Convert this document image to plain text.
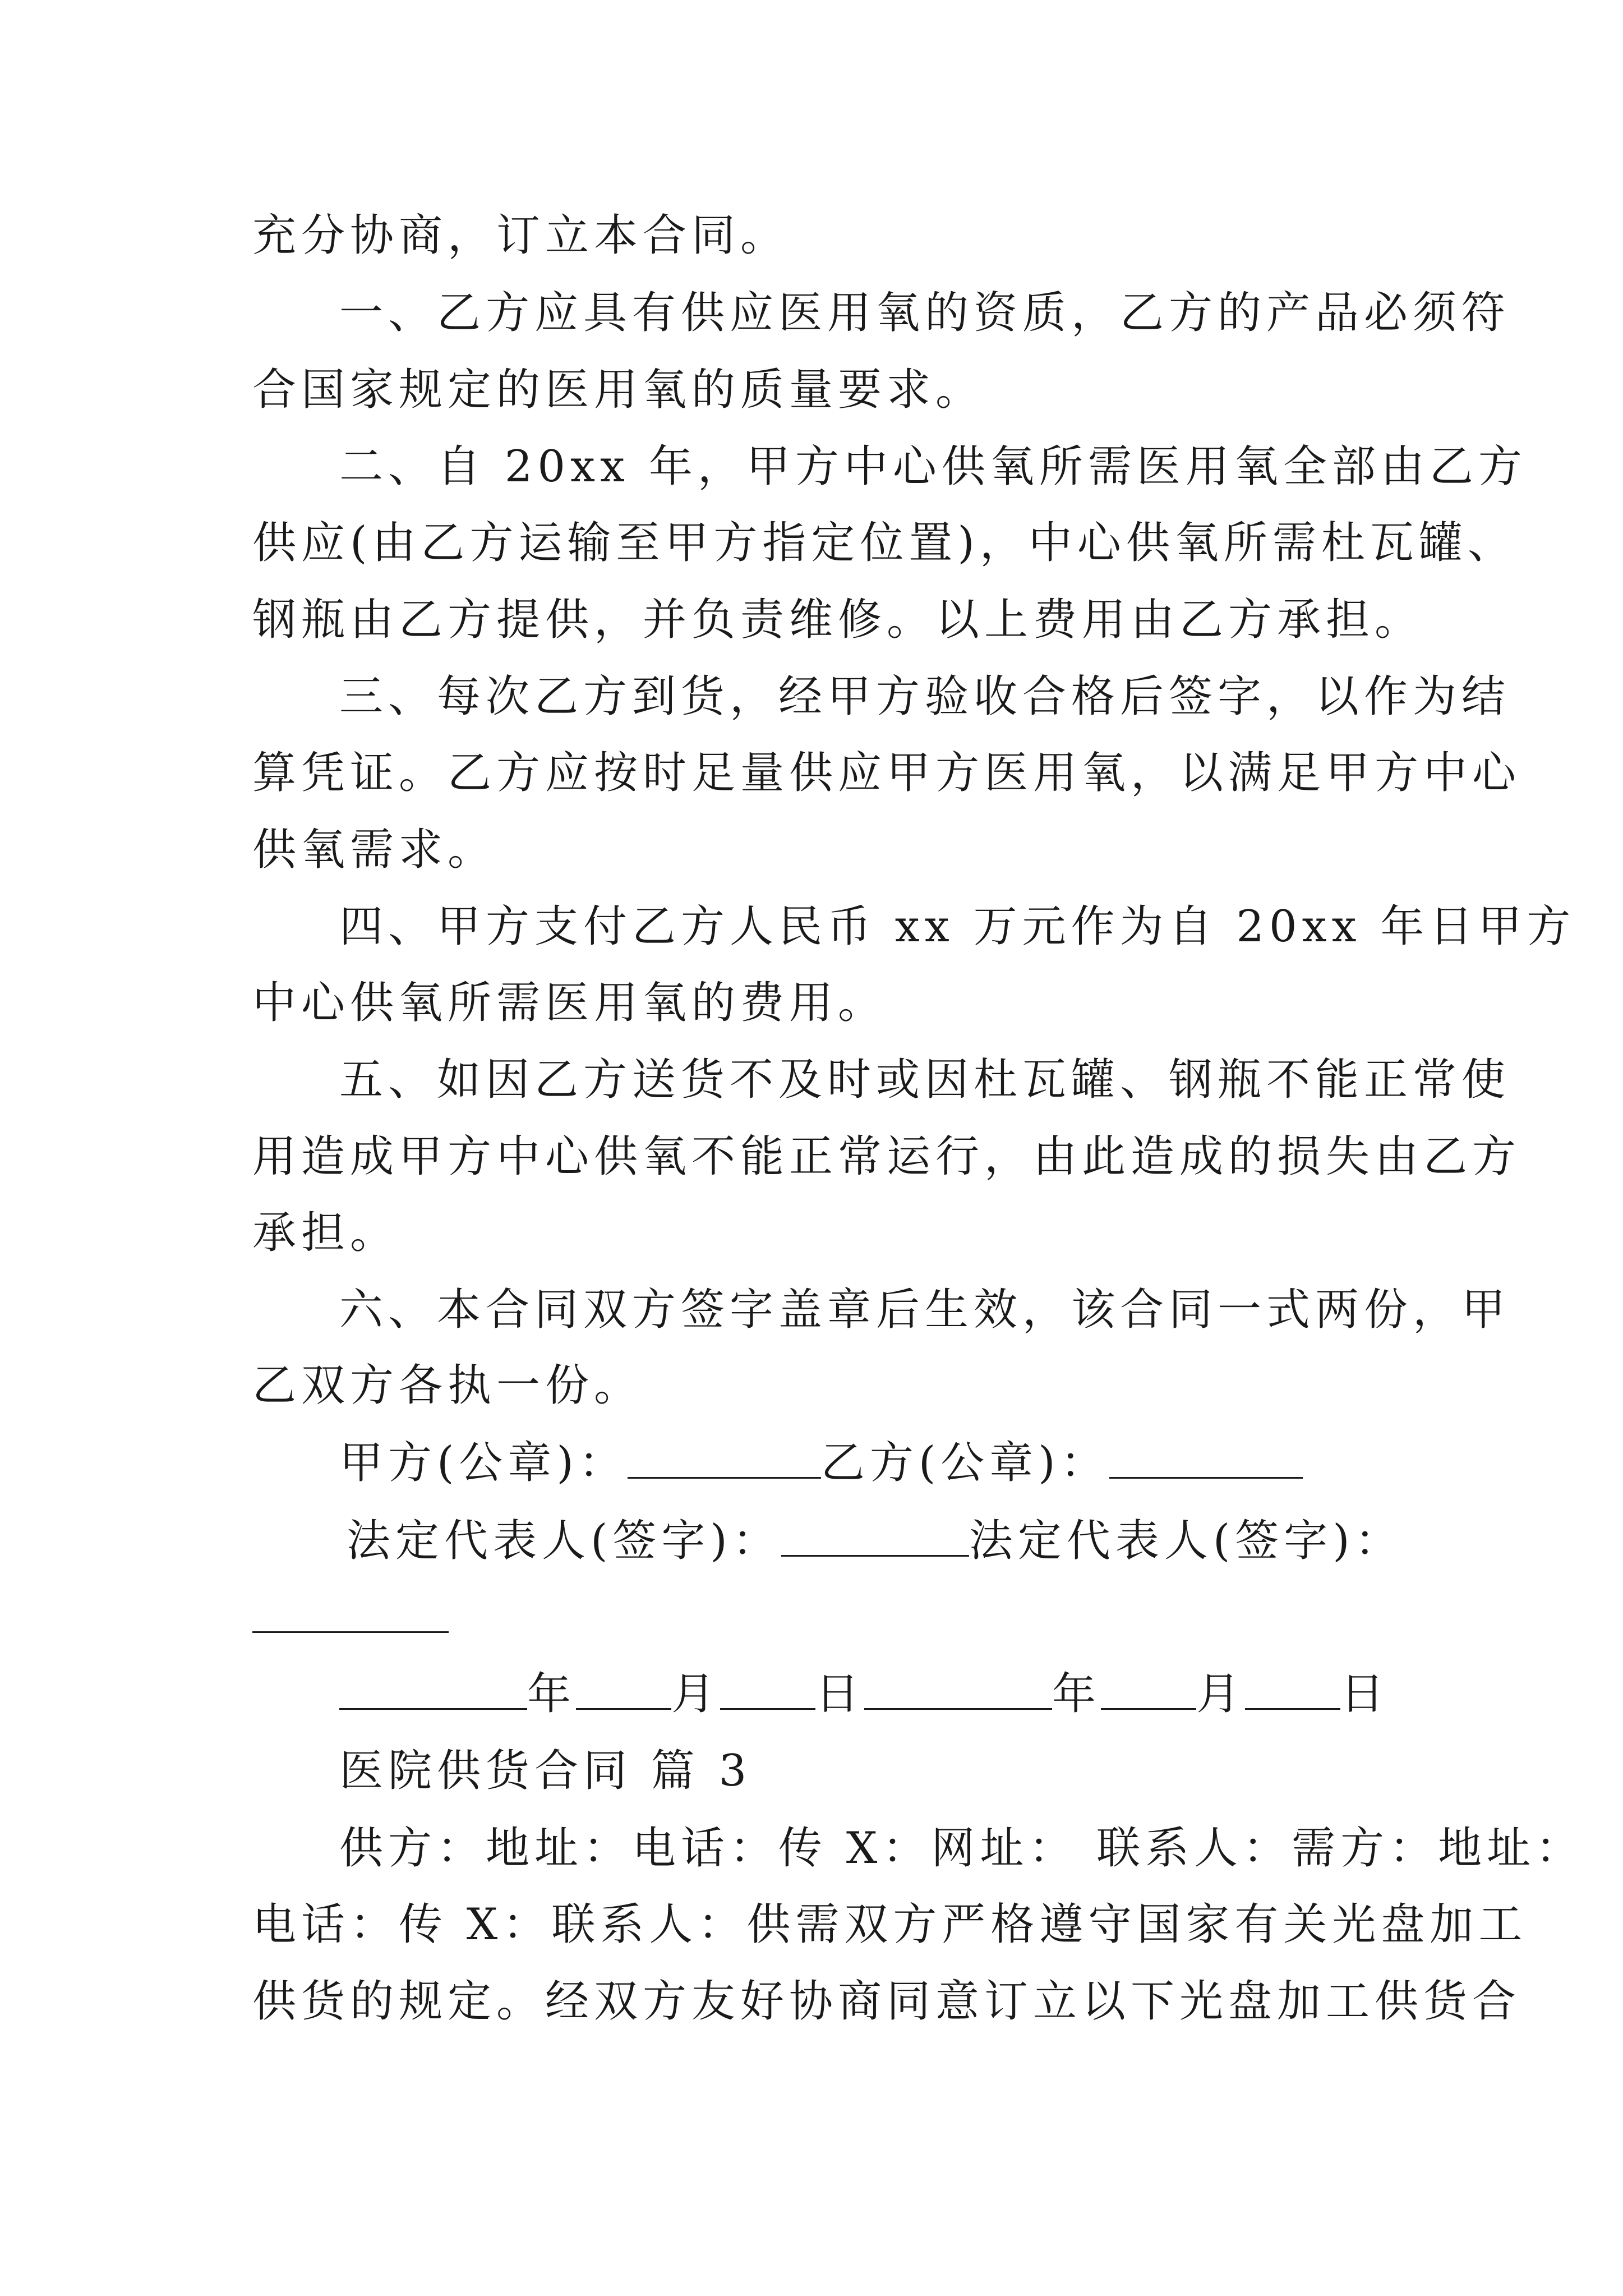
充分协商，订立本合同。
一、乙方应具有供应医用氧的资质，乙方的产品必须符
合国家规定的医用氧的质量要求。
二、自 20xx 年，甲方中心供氧所需医用氧全部由乙方
供应(由乙方运输至甲方指定位置)，中心供氧所需杜瓦罐、
钢瓶由乙方提供，并负责维修。以上费用由乙方承担。
三、每次乙方到货，经甲方验收合格后签字，以作为结
算凭证。乙方应按时足量供应甲方医用氧，以满足甲方中心
供氧需求。
四、甲方支付乙方人民币 xx 万元作为自 20xx 年日甲方
中心供氧所需医用氧的费用。
五、如因乙方送货不及时或因杜瓦罐、钢瓶不能正常使
用造成甲方中心供氧不能正常运行，由此造成的损失由乙方
承担。
六、本合同双方签字盖章后生效，该合同一式两份，甲
乙双方各执一份。
甲方(公章)：	乙方(公章)：
法定代表人(签字)：	法定代表人(签字)：
年 月 日	年 月 日
医院供货合同 篇 3
供方：地址：电话：传 X：网址： 联系人：需方：地址：
电话：传 X：联系人：供需双方严格遵守国家有关光盘加工
供货的规定。经双方友好协商同意订立以下光盘加工供货合
